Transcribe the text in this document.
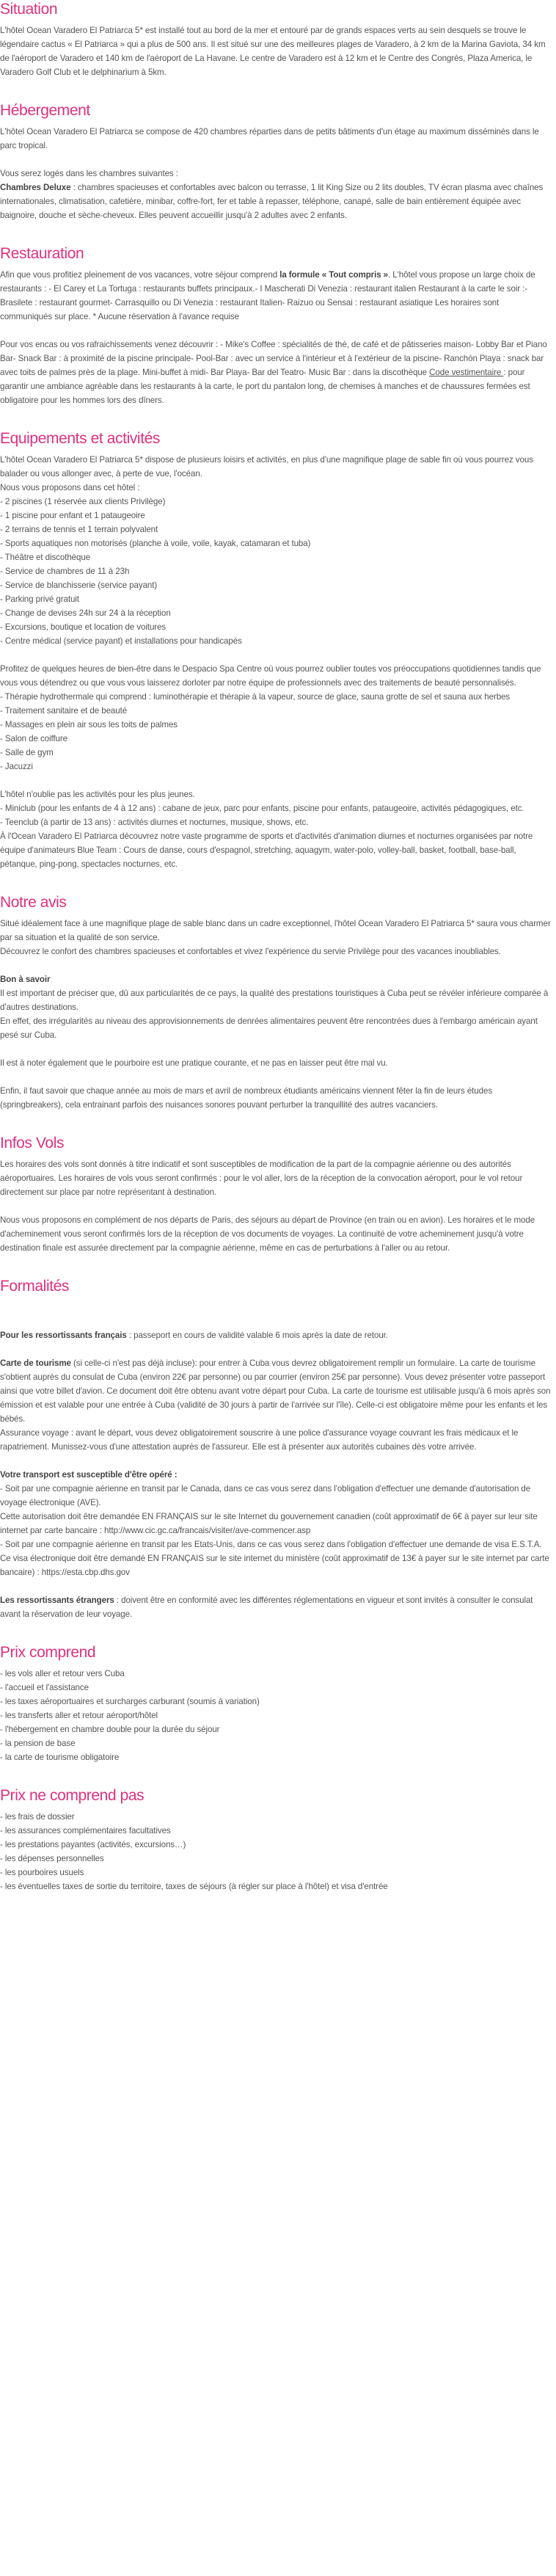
Situation

L'hôtel Ocean Varadero El Patriarca 5* est installé tout au bord de la mer et entouré par de grands espaces verts au sein desquels se trouve le légendaire cactus « El Patriarca » qui a plus de 500 ans. Il est situé sur une des meilleures plages de Varadero, à 2 km de la Marina Gaviota, 34 km de l'aéroport de Varadero et 140 km de l'aéroport de La Havane. Le centre de Varadero est à 12 km et le Centre des Congrès, Plaza America, le Varadero Golf Club et le delphinarium à 5km.

Hébergement

L'hôtel Ocean Varadero El Patriarca se compose de 420 chambres réparties dans de petits bâtiments d'un étage au maximum disséminés dans le parc tropical.

Vous serez logés dans les chambres suivantes :

Chambres Deluxe : chambres spacieuses et confortables avec balcon ou terrasse, 1 lit King Size ou 2 lits doubles, TV écran plasma avec chaînes internationales, climatisation, cafetière, minibar, coffre-fort, fer et table à repasser, téléphone, canapé, salle de bain entièrement équipée avec baignoire, douche et sèche-cheveux. Elles peuvent accueillir jusqu'à 2 adultes avec 2 enfants.

Restauration

Afin que vous profitiez pleinement de vos vacances, votre séjour comprend la formule « Tout compris ». L'hôtel vous propose un large choix de restaurants : - El Carey et La Tortuga : restaurants buffets principaux.- I Mascherati Di Venezia : restaurant italien Restaurant à la carte le soir :- Brasilete : restaurant gourmet- Carrasquillo ou Di Venezia : restaurant Italien- Raizuo ou Sensai : restaurant asiatique Les horaires sont communiqués sur place. * Aucune réservation à l'avance requise

Pour vos encas ou vos rafraichissements venez découvrir : - Mike's Coffee : spécialités de thé, de café et de pâtisseries maison- Lobby Bar et Piano Bar- Snack Bar : à proximité de la piscine principale- Pool-Bar : avec un service à l'intérieur et à l'extérieur de la piscine- Ranchón Playa : snack bar avec toits de palmes près de la plage. Mini-buffet à midi- Bar Playa- Bar del Teatro- Music Bar : dans la discothèque Code vestimentaire : pour garantir une ambiance agréable dans les restaurants à la carte, le port du pantalon long, de chemises à manches et de chaussures fermées est obligatoire pour les hommes lors des dîners.

Equipements et activités

L'hôtel Ocean Varadero El Patriarca 5* dispose de plusieurs loisirs et activités, en plus d'une magnifique plage de sable fin où vous pourrez vous balader ou vous allonger avec, à perte de vue, l'océan.

Nous vous proposons dans cet hôtel :

- 2 piscines (1 réservée aux clients Privilège)

- 1 piscine pour enfant et 1 pataugeoire

- 2 terrains de tennis et 1 terrain polyvalent

- Sports aquatiques non motorisés (planche à voile, voile, kayak, catamaran et tuba)

- Théâtre et discothèque

- Service de chambres de 11 à 23h

- Service de blanchisserie (service payant)

- Parking privé gratuit

- Change de devises 24h sur 24 à la réception

- Excursions, boutique et location de voitures

- Centre médical (service payant) et installations pour handicapés

Profitez de quelques heures de bien-être dans le Despacio Spa Centre où vous pourrez oublier toutes vos préoccupations quotidiennes tandis que vous vous détendrez ou que vous vous laisserez dorloter par notre équipe de professionnels avec des traitements de beauté personnalisés.

- Thérapie hydrothermale qui comprend : luminothérapie et thérapie à la vapeur, source de glace, sauna grotte de sel et sauna aux herbes

- Traitement sanitaire et de beauté

- Massages en plein air sous les toits de palmes

- Salon de coiffure

- Salle de gym

- Jacuzzi

L'hôtel n'oublie pas les activités pour les plus jeunes.

- Miniclub (pour les enfants de 4 à 12 ans) : cabane de jeux, parc pour enfants, piscine pour enfants, pataugeoire, activités pédagogiques, etc.

- Teenclub (à partir de 13 ans) : activités diurnes et nocturnes, musique, shows, etc.

À l'Ocean Varadero El Patriarca découvrez notre vaste programme de sports et d'activités d'animation diurnes et nocturnes organisées par notre équipe d'animateurs Blue Team : Cours de danse, cours d'espagnol, stretching, aquagym, water-polo, volley-ball, basket, football, base-ball, pétanque, ping-pong, spectacles nocturnes, etc.

Notre avis

Situé idéalement face à une magnifique plage de sable blanc dans un cadre exceptionnel, l'hôtel Ocean Varadero El Patriarca 5* saura vous charmer par sa situation et la qualité de son service.

Découvrez le confort des chambres spacieuses et confortables et vivez l'expérience du servie Privilège pour des vacances inoubliables.

Bon à savoir

Il est important de préciser que, dû aux particularités de ce pays, la qualité des prestations touristiques à Cuba peut se révéler inférieure comparée à d'autres destinations.

En effet, des irrégularités au niveau des approvisionnements de denrées alimentaires peuvent être rencontrées dues à l'embargo américain ayant pesé sur Cuba.

Il est à noter également que le pourboire est une pratique courante, et ne pas en laisser peut être mal vu.

Enfin, il faut savoir que chaque année au mois de mars et avril de nombreux étudiants américains viennent fêter la fin de leurs études (springbreakers), cela entrainant parfois des nuisances sonores pouvant perturber la tranquillité des autres vacanciers.

Infos Vols

Les horaires des vols sont donnés à titre indicatif et sont susceptibles de modification de la part de la compagnie aérienne ou des autorités aéroportuaires. Les horaires de vols vous seront confirmés : pour le vol aller, lors de la réception de la convocation aéroport, pour le vol retour directement sur place par notre représentant à destination.

Nous vous proposons en complément de nos départs de Paris, des séjours au départ de Province (en train ou en avion). Les horaires et le mode d'acheminement vous seront confirmés lors de la réception de vos documents de voyages. La continuité de votre acheminement jusqu'à votre destination finale est assurée directement par la compagnie aérienne, même en cas de perturbations à l'aller ou au retour.

Formalités

Pour les ressortissants français : passeport en cours de validité valable 6 mois après la date de retour.

Carte de tourisme (si celle-ci n'est pas déjà incluse): pour entrer à Cuba vous devrez obligatoirement remplir un formulaire. La carte de tourisme s'obtient auprès du consulat de Cuba (environ 22€ par personne) ou par courrier (environ 25€ par personne). Vous devez présenter votre passeport ainsi que votre billet d'avion. Ce document doit être obtenu avant votre départ pour Cuba. La carte de tourisme est utilisable jusqu'à 6 mois après son émission et est valable pour une entrée à Cuba (validité de 30 jours à partir de l'arrivée sur l'île). Celle-ci est obligatoire même pour les enfants et les bébés.

Assurance voyage : avant le départ, vous devez obligatoirement souscrire à une police d'assurance voyage couvrant les frais médicaux et le rapatriement. Munissez-vous d'une attestation auprès de l'assureur. Elle est à présenter aux autorités cubaines dès votre arrivée.

Votre transport est susceptible d'être opéré :

- Soit par une compagnie aérienne en transit par le Canada, dans ce cas vous serez dans l'obligation d'effectuer une demande d'autorisation de voyage électronique (AVE).

Cette autorisation doit être demandée EN FRANÇAIS sur le site Internet du gouvernement canadien (coût approximatif de 6€ à payer sur leur site internet par carte bancaire : http://www.cic.gc.ca/francais/visiter/ave-commencer.asp

- Soit par une compagnie aérienne en transit par les Etats-Unis, dans ce cas vous serez dans l'obligation d'effectuer une demande de visa E.S.T.A. Ce visa électronique doit être demandé EN FRANÇAIS sur le site internet du ministère (coût approximatif de 13€ à payer sur le site internet par carte bancaire) : https://esta.cbp.dhs.gov

Les ressortissants étrangers : doivent être en conformité avec les différentes réglementations en vigueur et sont invités à consulter le consulat avant la réservation de leur voyage.

Prix comprend

- les vols aller et retour vers Cuba

- l'accueil et l'assistance

- les taxes aéroportuaires et surcharges carburant (soumis à variation)

- les transferts aller et retour aéroport/hôtel

- l'hébergement en chambre double pour la durée du séjour

- la pension de base

- la carte de tourisme obligatoire

Prix ne comprend pas

- les frais de dossier

- les assurances complémentaires facultatives

- les prestations payantes (activités, excursions…)

- les dépenses personnelles

- les pourboires usuels

- les éventuelles taxes de sortie du territoire, taxes de séjours (à régler sur place à l'hôtel) et visa d'entrée
